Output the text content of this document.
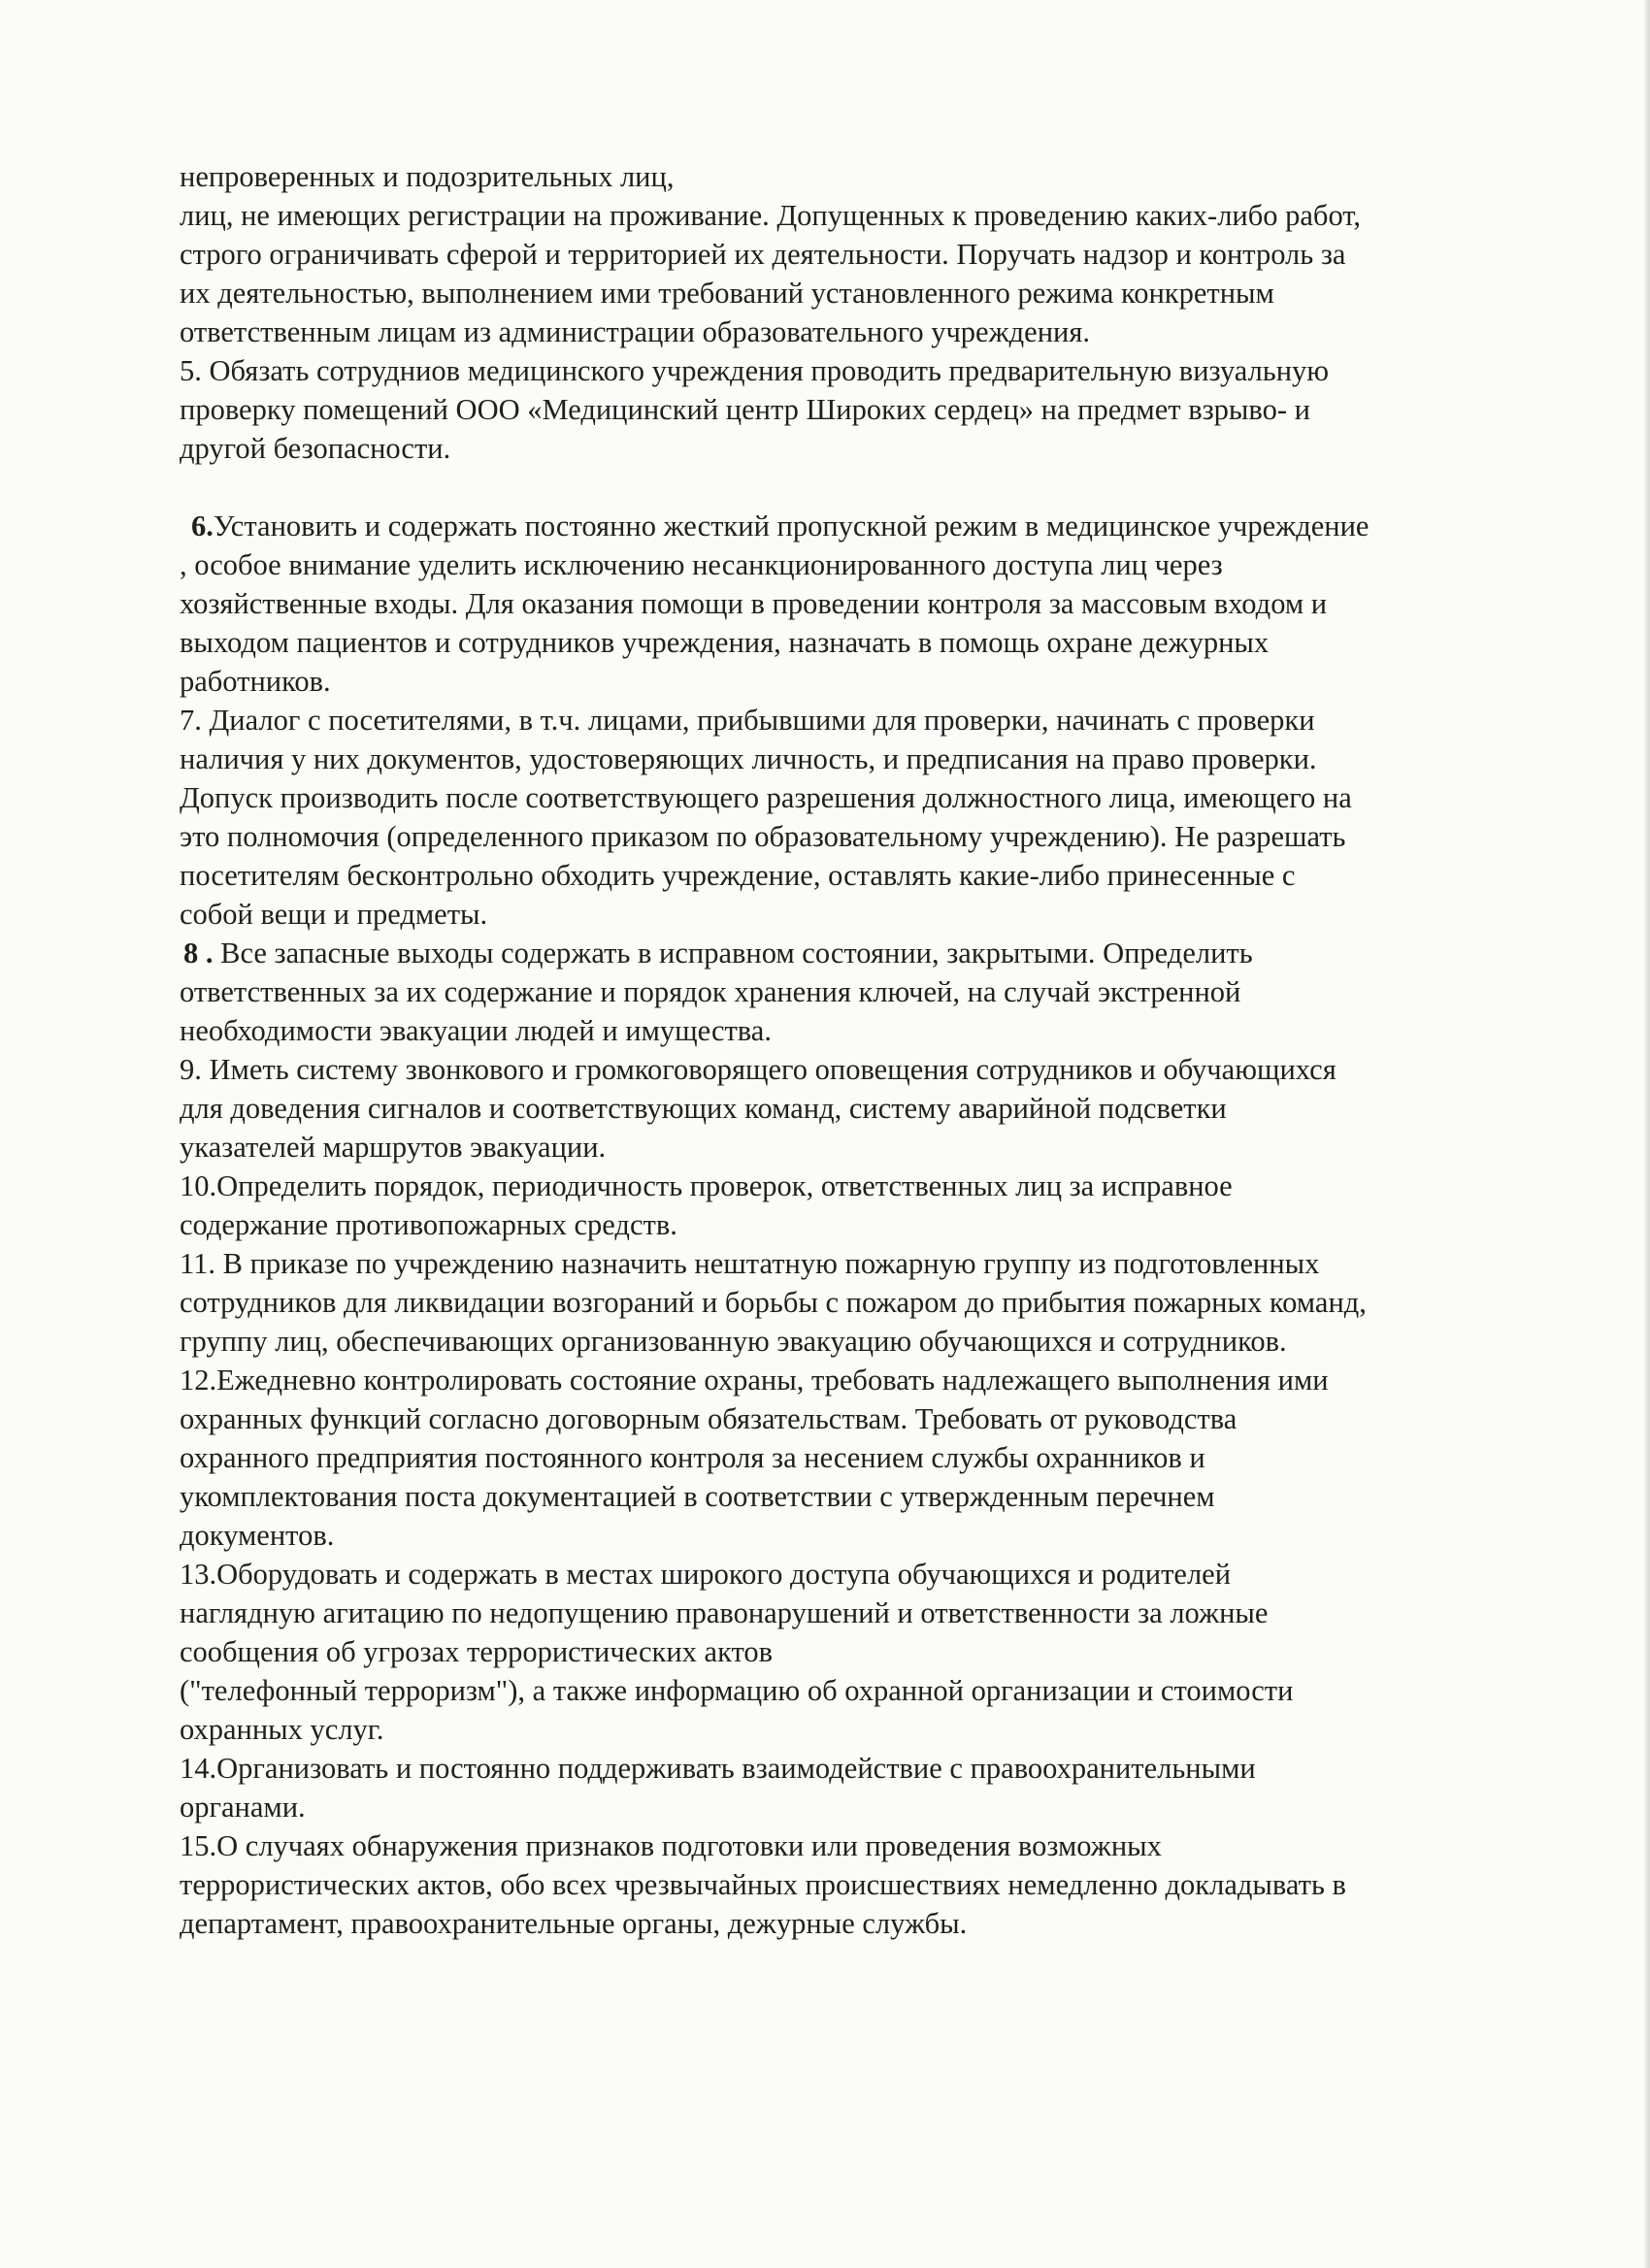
непроверенных и подозрительных лиц,
лиц, не имеющих регистрации на проживание. Допущенных к проведению каких-либо работ,
строго ограничивать сферой и территорией их деятельности. Поручать надзор и контроль за
их деятельностью, выполнением ими требований установленного режима конкретным
ответственным лицам из администрации образовательного учреждения.
5. Обязать сотрудниов медицинского учреждения проводить предварительную визуальную
проверку помещений ООО «Медицинский центр Широких сердец» на предмет взрыво- и
другой безопасности.
6.Установить и содержать постоянно жесткий пропускной режим в медицинское учреждение
, особое внимание уделить исключению несанкционированного доступа лиц через
хозяйственные входы. Для оказания помощи в проведении контроля за массовым входом и
выходом пациентов и сотрудников учреждения, назначать в помощь охране дежурных
работников.
7. Диалог с посетителями, в т.ч. лицами, прибывшими для проверки, начинать с проверки
наличия у них документов, удостоверяющих личность, и предписания на право проверки.
Допуск производить после соответствующего разрешения должностного лица, имеющего на
это полномочия (определенного приказом по образовательному учреждению). Не разрешать
посетителям бесконтрольно обходить учреждение, оставлять какие-либо принесенные с
собой вещи и предметы.
8 . Все запасные выходы содержать в исправном состоянии, закрытыми. Определить
ответственных за их содержание и порядок хранения ключей, на случай экстренной
необходимости эвакуации людей и имущества.
9. Иметь систему звонкового и громкоговорящего оповещения сотрудников и обучающихся
для доведения сигналов и соответствующих команд, систему аварийной подсветки
указателей маршрутов эвакуации.
10.Определить порядок, периодичность проверок, ответственных лиц за исправное
содержание противопожарных средств.
11. В приказе по учреждению назначить нештатную пожарную группу из подготовленных
сотрудников для ликвидации возгораний и борьбы с пожаром до прибытия пожарных команд,
группу лиц, обеспечивающих организованную эвакуацию обучающихся и сотрудников.
12.Ежедневно контролировать состояние охраны, требовать надлежащего выполнения ими
охранных функций согласно договорным обязательствам. Требовать от руководства
охранного предприятия постоянного контроля за несением службы охранников и
укомплектования поста документацией в соответствии с утвержденным перечнем
документов.
13.Оборудовать и содержать в местах широкого доступа обучающихся и родителей
наглядную агитацию по недопущению правонарушений и ответственности за ложные
сообщения об угрозах террористических актов
("телефонный терроризм"), а также информацию об охранной организации и стоимости
охранных услуг.
14.Организовать и постоянно поддерживать взаимодействие с правоохранительными
органами.
15.О случаях обнаружения признаков подготовки или проведения возможных
террористических актов, обо всех чрезвычайных происшествиях немедленно докладывать в
департамент, правоохранительные органы, дежурные службы.
